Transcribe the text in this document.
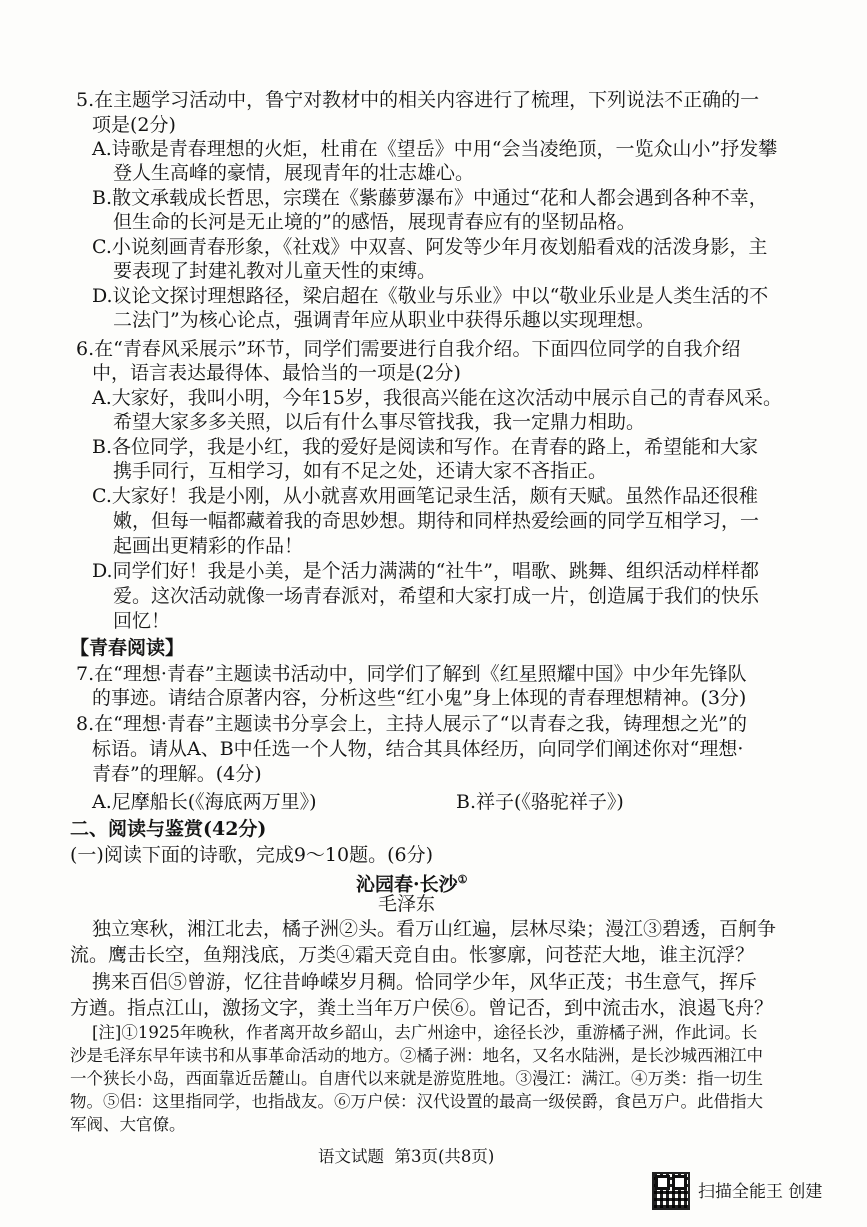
5.在主题学习活动中，鲁宁对教材中的相关内容进行了梳理，下列说法不正确的一
项是(2分)
A.诗歌是青春理想的火炬，杜甫在《望岳》中用“会当凌绝顶，一览众山小”抒发攀
登人生高峰的豪情，展现青年的壮志雄心。
B.散文承载成长哲思，宗璞在《紫藤萝瀑布》中通过“花和人都会遇到各种不幸，
但生命的长河是无止境的”的感悟，展现青春应有的坚韧品格。
C.小说刻画青春形象，《社戏》中双喜、阿发等少年月夜划船看戏的活泼身影，主
要表现了封建礼教对儿童天性的束缚。
D.议论文探讨理想路径，梁启超在《敬业与乐业》中以“敬业乐业是人类生活的不
二法门”为核心论点，强调青年应从职业中获得乐趣以实现理想。
6.在“青春风采展示”环节，同学们需要进行自我介绍。下面四位同学的自我介绍
中，语言表达最得体、最恰当的一项是(2分)
A.大家好，我叫小明，今年15岁，我很高兴能在这次活动中展示自己的青春风采。
希望大家多多关照，以后有什么事尽管找我，我一定鼎力相助。
B.各位同学，我是小红，我的爱好是阅读和写作。在青春的路上，希望能和大家
携手同行，互相学习，如有不足之处，还请大家不吝指正。
C.大家好！我是小刚，从小就喜欢用画笔记录生活，颇有天赋。虽然作品还很稚
嫩，但每一幅都藏着我的奇思妙想。期待和同样热爱绘画的同学互相学习，一
起画出更精彩的作品！
D.同学们好！我是小美，是个活力满满的“社牛”，唱歌、跳舞、组织活动样样都
爱。这次活动就像一场青春派对，希望和大家打成一片，创造属于我们的快乐
回忆！
【青春阅读】
7.在“理想·青春”主题读书活动中，同学们了解到《红星照耀中国》中少年先锋队
的事迹。请结合原著内容，分析这些“红小鬼”身上体现的青春理想精神。(3分)
8.在“理想·青春”主题读书分享会上，主持人展示了“以青春之我，铸理想之光”的
标语。请从A、B中任选一个人物，结合其具体经历，向同学们阐述你对“理想·
青春”的理解。(4分)
A.尼摩船长(《海底两万里》)	B.祥子(《骆驼祥子》)
二、阅读与鉴赏(42分)
(一)阅读下面的诗歌，完成9～10题。(6分)
沁园春·长沙①
毛泽东
独立寒秋，湘江北去，橘子洲②头。看万山红遍，层林尽染；漫江③碧透，百舸争
流。鹰击长空，鱼翔浅底，万类④霜天竞自由。怅寥廓，问苍茫大地，谁主沉浮？
携来百侣⑤曾游，忆往昔峥嵘岁月稠。恰同学少年，风华正茂；书生意气，挥斥
方遒。指点江山，激扬文字，粪土当年万户侯⑥。曾记否，到中流击水，浪遏飞舟？
[注]①1925年晚秋，作者离开故乡韶山，去广州途中，途径长沙，重游橘子洲，作此词。长
沙是毛泽东早年读书和从事革命活动的地方。②橘子洲：地名，又名水陆洲，是长沙城西湘江中
一个狭长小岛，西面靠近岳麓山。自唐代以来就是游览胜地。③漫江：满江。④万类：指一切生
物。⑤侣：这里指同学，也指战友。⑥万户侯：汉代设置的最高一级侯爵，食邑万户。此借指大
军阀、大官僚。
语文试题  第3页(共8页)
扫描全能王 创建
